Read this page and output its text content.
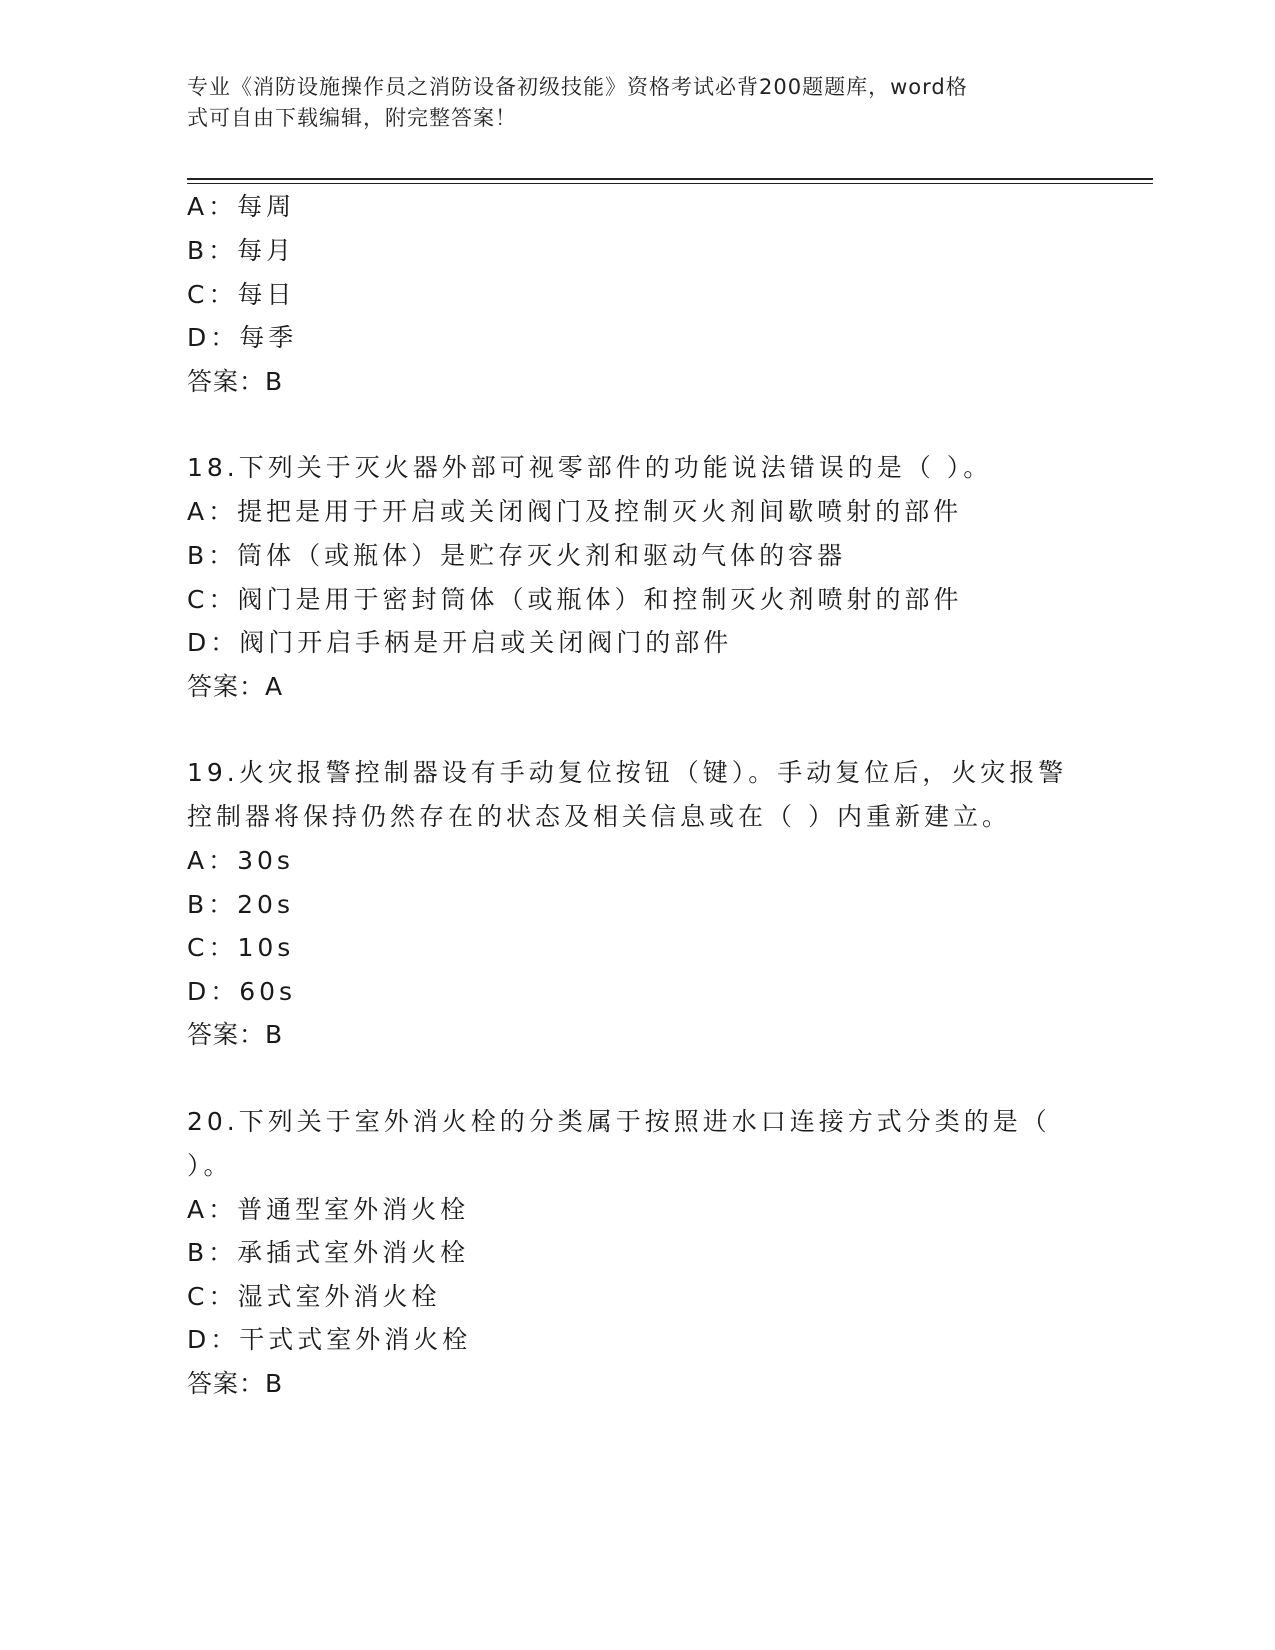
专业《消防设施操作员之消防设备初级技能》资格考试必背200题题库，word格
式可自由下载编辑，附完整答案！
A：每周
B：每月
C：每日
D：每季
答案：B
18.下列关于灭火器外部可视零部件的功能说法错误的是（ ）。
A：提把是用于开启或关闭阀门及控制灭火剂间歇喷射的部件
B：筒体（或瓶体）是贮存灭火剂和驱动气体的容器
C：阀门是用于密封筒体（或瓶体）和控制灭火剂喷射的部件
D：阀门开启手柄是开启或关闭阀门的部件
答案：A
19.火灾报警控制器设有手动复位按钮（键）。手动复位后，火灾报警
控制器将保持仍然存在的状态及相关信息或在（ ）内重新建立。
A：30s
B：20s
C：10s
D：60s
答案：B
20.下列关于室外消火栓的分类属于按照进水口连接方式分类的是（
）。
A：普通型室外消火栓
B：承插式室外消火栓
C：湿式室外消火栓
D：干式式室外消火栓
答案：B
